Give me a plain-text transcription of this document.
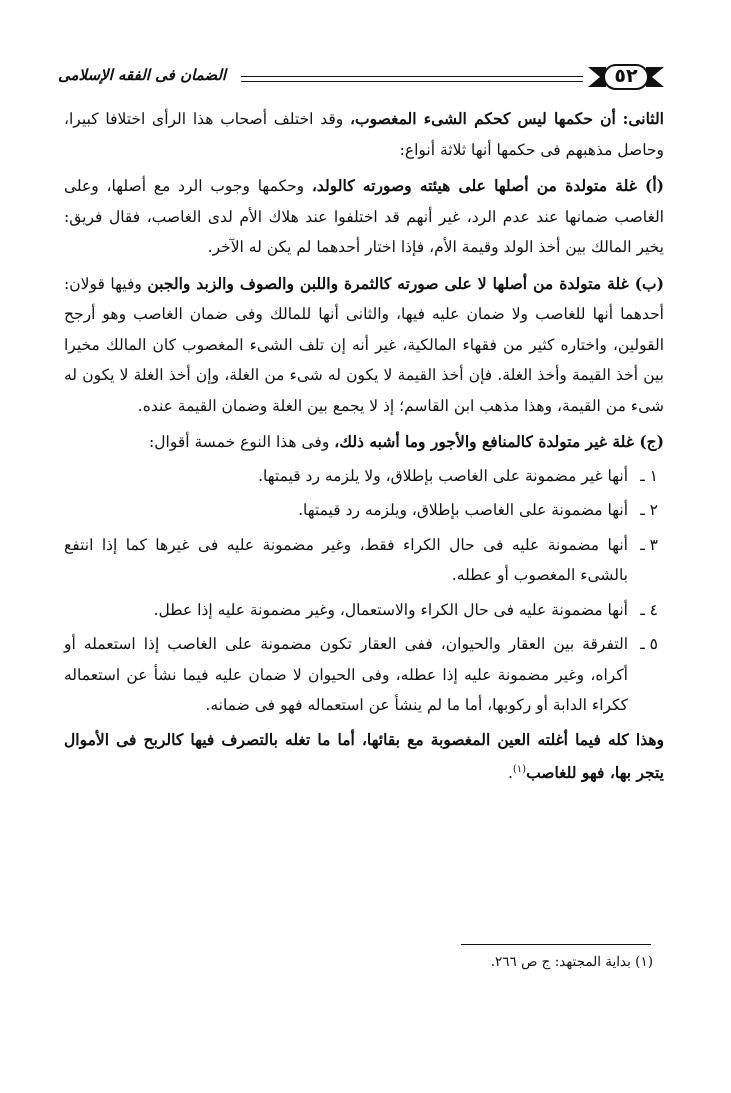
الضمان فى الفقه الإسلامى	٥٢

الثانى: أن حكمها ليس كحكم الشىء المغصوب، وقد اختلف أصحاب هذا الرأى اختلافا كبيرا، وحاصل مذهبهم فى حكمها أنها ثلاثة أنواع:

(أ) غلة متولدة من أصلها على هيئته وصورته كالولد، وحكمها وجوب الرد مع أصلها، وعلى الغاصب ضمانها عند عدم الرد، غير أنهم قد اختلفوا عند هلاك الأم لدى الغاصب، فقال فريق: يخير المالك بين أخذ الولد وقيمة الأم، فإذا اختار أحدهما لم يكن له الآخر.

(ب) غلة متولدة من أصلها لا على صورته كالثمرة واللبن والصوف والزبد والجبن وفيها قولان: أحدهما أنها للغاصب ولا ضمان عليه فيها، والثانى أنها للمالك وفى ضمان الغاصب وهو أرجح القولين، واختاره كثير من فقهاء المالكية، غير أنه إن تلف الشىء المغصوب كان المالك مخيرا بين أخذ القيمة وأخذ الغلة. فإن أخذ القيمة لا يكون له شىء من الغلة، وإن أخذ الغلة لا يكون له شىء من القيمة، وهذا مذهب ابن القاسم؛ إذ لا يجمع بين الغلة وضمان القيمة عنده.

(ج) غلة غير متولدة كالمنافع والأجور وما أشبه ذلك، وفى هذا النوع خمسة أقوال:

١ ـ
أنها غير مضمونة على الغاصب بإطلاق، ولا يلزمه رد قيمتها.
٢ ـ
أنها مضمونة على الغاصب بإطلاق، ويلزمه رد قيمتها.
٣ ـ
أنها مضمونة عليه فى حال الكراء فقط، وغير مضمونة عليه فى غيرها كما إذا انتفع بالشىء المغصوب أو عطله.
٤ ـ
أنها مضمونة عليه فى حال الكراء والاستعمال، وغير مضمونة عليه إذا عطل.
٥ ـ
التفرقة بين العقار والحيوان، ففى العقار تكون مضمونة على الغاصب إذا استعمله أو أكراه، وغير مضمونة عليه إذا عطله، وفى الحيوان لا ضمان عليه فيما نشأ عن استعماله ككراء الدابة أو ركوبها، أما ما لم ينشأ عن استعماله فهو فى ضمانه.

وهذا كله فيما أغلته العين المغصوبة مع بقائها، أما ما تغله بالتصرف فيها كالربح فى الأموال يتجر بها، فهو للغاصب$^{(١)}$.

(١) بداية المجتهد: ج ص ٢٦٦.
